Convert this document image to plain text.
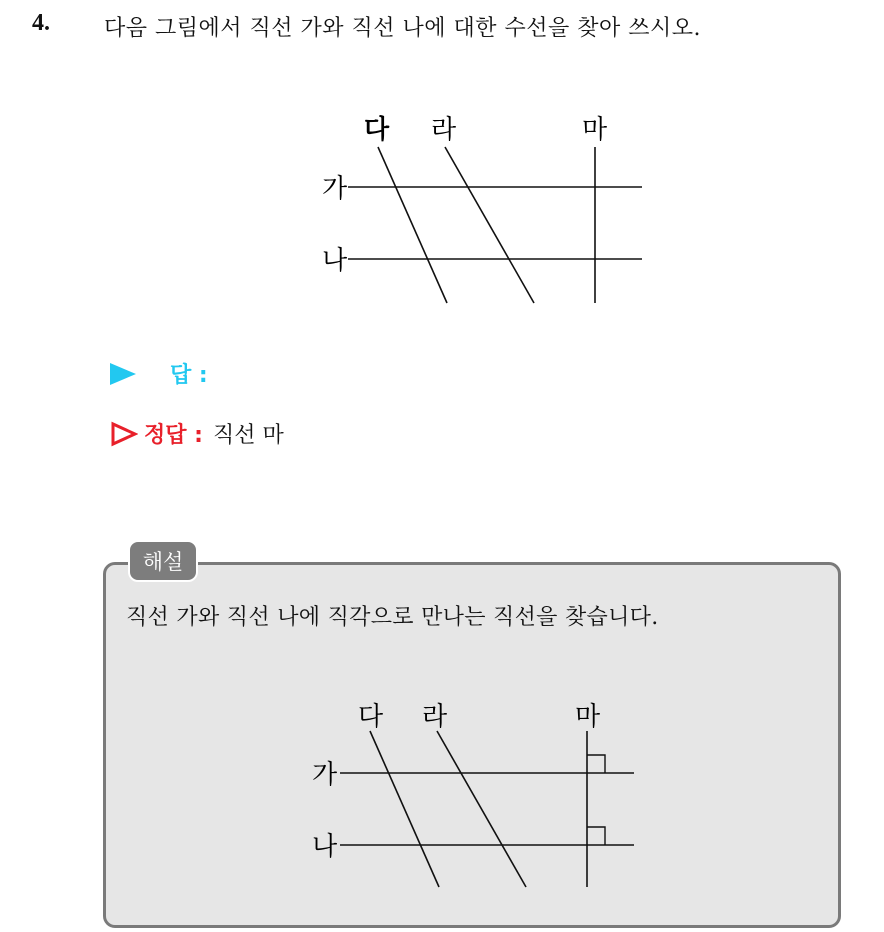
4. 다음 그림에서 직선 가와 직선 나에 대한 수선을 찾아 쓰시오.
다 라	마
가
나
답 :
정답 : 직선 마
해설
직선 가와 직선 나에 직각으로 만나는 직선을 찾습니다.
다 라	마
가
나
